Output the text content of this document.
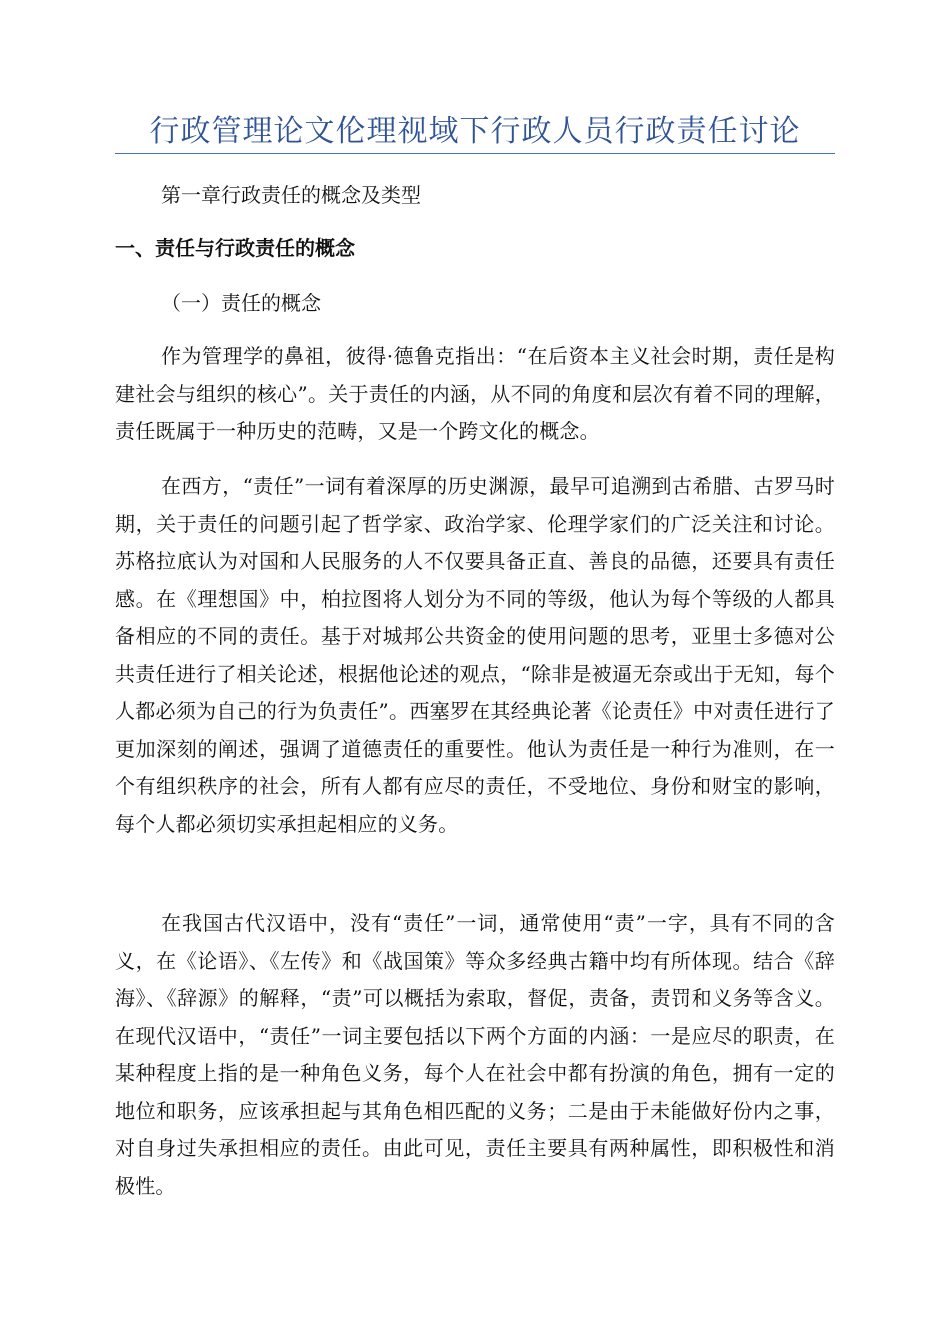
行政管理论文伦理视域下行政人员行政责任讨论
第一章行政责任的概念及类型
一、责任与行政责任的概念
（一）责任的概念

作为管理学的鼻祖，彼得·德鲁克指出：“在后资本主义社会时期，责任是构建社会与组织的核心”。关于责任的内涵，从不同的角度和层次有着不同的理解，责任既属于一种历史的范畴，又是一个跨文化的概念。

在西方，“责任”一词有着深厚的历史渊源，最早可追溯到古希腊、古罗马时期，关于责任的问题引起了哲学家、政治学家、伦理学家们的广泛关注和讨论。苏格拉底认为对国和人民服务的人不仅要具备正直、善良的品德，还要具有责任感。在《理想国》中，柏拉图将人划分为不同的等级，他认为每个等级的人都具备相应的不同的责任。基于对城邦公共资金的使用问题的思考，亚里士多德对公共责任进行了相关论述，根据他论述的观点，“除非是被逼无奈或出于无知，每个人都必须为自己的行为负责任”。西塞罗在其经典论著《论责任》中对责任进行了更加深刻的阐述，强调了道德责任的重要性。他认为责任是一种行为准则，在一个有组织秩序的社会，所有人都有应尽的责任，不受地位、身份和财宝的影响，每个人都必须切实承担起相应的义务。

在我国古代汉语中，没有“责任”一词，通常使用“责”一字，具有不同的含义，在《论语》、《左传》和《战国策》等众多经典古籍中均有所体现。结合《辞海》、《辞源》的解释，“责”可以概括为索取，督促，责备，责罚和义务等含义。在现代汉语中，“责任”一词主要包括以下两个方面的内涵：一是应尽的职责，在某种程度上指的是一种角色义务，每个人在社会中都有扮演的角色，拥有一定的地位和职务，应该承担起与其角色相匹配的义务；二是由于未能做好份内之事，对自身过失承担相应的责任。由此可见，责任主要具有两种属性，即积极性和消极性。
